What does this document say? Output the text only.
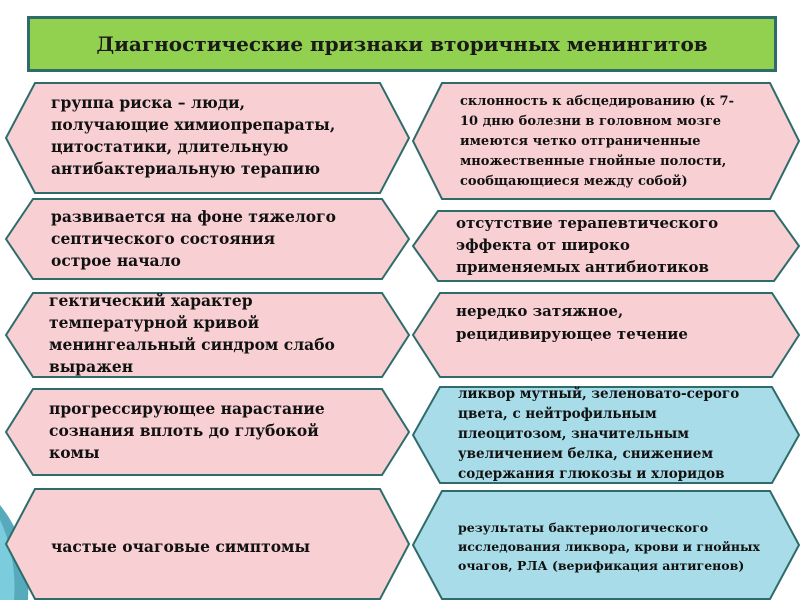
Диагностические признаки вторичных менингитов
группа риска – люди,
получающие химиопрепараты,
цитостатики, длительную
антибактериальную терапию
развивается на фоне тяжелого
септического состояния
острое начало
гектический характер
температурной кривой
менингеальный синдром слабо
выражен
прогрессирующее нарастание
сознания вплоть до глубокой
комы
частые очаговые симптомы
склонность к абсцедированию (к 7-
10 дню болезни в головном мозге
имеются четко отграниченные
множественные гнойные полости,
сообщающиеся между собой)
отсутствие терапевтического
эффекта от широко
применяемых антибиотиков
нередко затяжное,
рецидивирующее течение
ликвор мутный, зеленовато-серого
цвета, с нейтрофильным
плеоцитозом, значительным
увеличением белка, снижением
содержания глюкозы и хлоридов
результаты бактериологического
исследования ликвора, крови и гнойных
очагов, РЛА (верификация антигенов)
